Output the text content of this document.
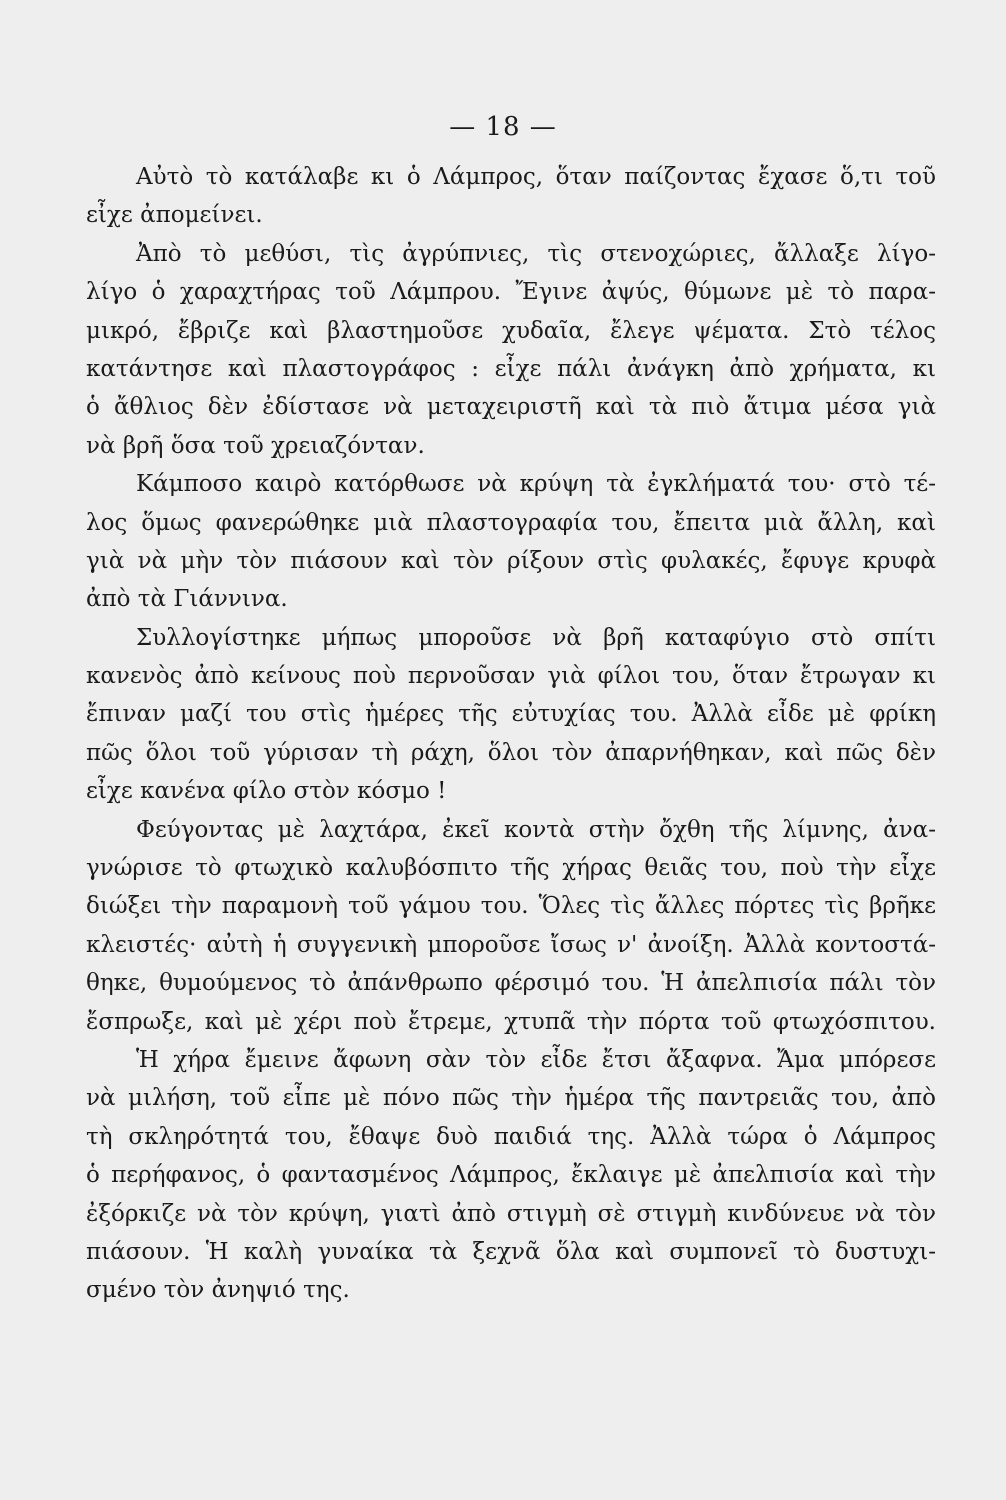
— 18 —
Αὐτὸ τὸ κατάλαβε κι ὁ Λάμπρος, ὅταν παίζοντας ἔχασε ὅ,τι τοῦ
εἶχε ἀπομείνει.
Ἀπὸ τὸ μεθύσι, τὶς ἀγρύπνιες, τὶς στενοχώριες, ἄλλαξε λίγο-
λίγο ὁ χαραχτήρας τοῦ Λάμπρου. Ἔγινε ἀψύς, θύμωνε μὲ τὸ παρα-
μικρό, ἔβριζε καὶ βλαστημοῦσε χυδαῖα, ἔλεγε ψέματα. Στὸ τέλος
κατάντησε καὶ πλαστογράφος : εἶχε πάλι ἀνάγκη ἀπὸ χρήματα, κι
ὁ ἄθλιος δὲν ἐδίστασε νὰ μεταχειριστῆ καὶ τὰ πιὸ ἄτιμα μέσα γιὰ
νὰ βρῆ ὅσα τοῦ χρειαζόνταν.
Κάμποσο καιρὸ κατόρθωσε νὰ κρύψη τὰ ἐγκλήματά του· στὸ τέ-
λος ὅμως φανερώθηκε μιὰ πλαστογραφία του, ἔπειτα μιὰ ἄλλη, καὶ
γιὰ νὰ μὴν τὸν πιάσουν καὶ τὸν ρίξουν στὶς φυλακές, ἔφυγε κρυφὰ
ἀπὸ τὰ Γιάννινα.
Συλλογίστηκε μήπως μποροῦσε νὰ βρῆ καταφύγιο στὸ σπίτι
κανενὸς ἀπὸ κείνους ποὺ περνοῦσαν γιὰ φίλοι του, ὅταν ἔτρωγαν κι
ἔπιναν μαζί του στὶς ἡμέρες τῆς εὐτυχίας του. Ἀλλὰ εἶδε μὲ φρίκη
πῶς ὅλοι τοῦ γύρισαν τὴ ράχη, ὅλοι τὸν ἀπαρνήθηκαν, καὶ πῶς δὲν
εἶχε κανένα φίλο στὸν κόσμο !
Φεύγοντας μὲ λαχτάρα, ἐκεῖ κοντὰ στὴν ὄχθη τῆς λίμνης, ἀνα-
γνώρισε τὸ φτωχικὸ καλυβόσπιτο τῆς χήρας θειᾶς του, ποὺ τὴν εἶχε
διώξει τὴν παραμονὴ τοῦ γάμου του. Ὅλες τὶς ἄλλες πόρτες τὶς βρῆκε
κλειστές· αὐτὴ ἡ συγγενικὴ μποροῦσε ἴσως ν' ἀνοίξη. Ἀλλὰ κοντοστά-
θηκε, θυμούμενος τὸ ἀπάνθρωπο φέρσιμό του. Ἡ ἀπελπισία πάλι τὸν
ἔσπρωξε, καὶ μὲ χέρι ποὺ ἔτρεμε, χτυπᾶ τὴν πόρτα τοῦ φτωχόσπιτου.
Ἡ χήρα ἔμεινε ἄφωνη σὰν τὸν εἶδε ἔτσι ἄξαφνα. Ἄμα μπόρεσε
νὰ μιλήση, τοῦ εἶπε μὲ πόνο πῶς τὴν ἡμέρα τῆς παντρειᾶς του, ἀπὸ
τὴ σκληρότητά του, ἔθαψε δυὸ παιδιά της. Ἀλλὰ τώρα ὁ Λάμπρος
ὁ περήφανος, ὁ φαντασμένος Λάμπρος, ἔκλαιγε μὲ ἀπελπισία καὶ τὴν
ἐξόρκιζε νὰ τὸν κρύψη, γιατὶ ἀπὸ στιγμὴ σὲ στιγμὴ κινδύνευε νὰ τὸν
πιάσουν. Ἡ καλὴ γυναίκα τὰ ξεχνᾶ ὅλα καὶ συμπονεῖ τὸ δυστυχι-
σμένο τὸν ἀνηψιό της.
